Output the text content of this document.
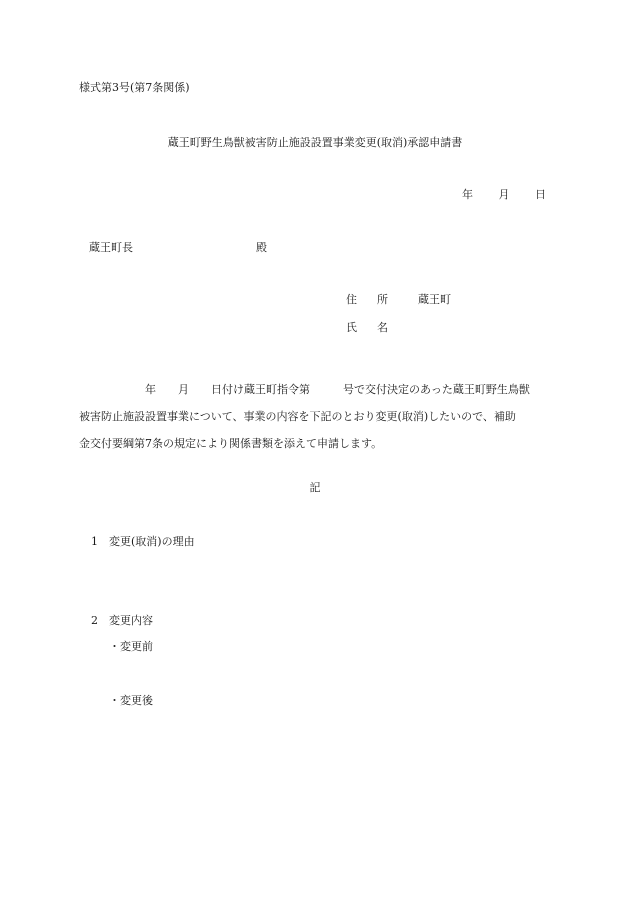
様式第3号(第7条関係)
蔵王町野生鳥獣被害防止施設設置事業変更(取消)承認申請書
年 月 日
蔵王町長	殿
住 所	蔵王町
氏 名

　　　　　　年　　月　　日付け蔵王町指令第　　　号で交付決定のあった蔵王町野生鳥獣

被害防止施設設置事業について、事業の内容を下記のとおり変更(取消)したいので、補助

金交付要綱第7条の規定により関係書類を添えて申請します。

記
1 変更(取消)の理由
2 変更内容
・変更前
・変更後
